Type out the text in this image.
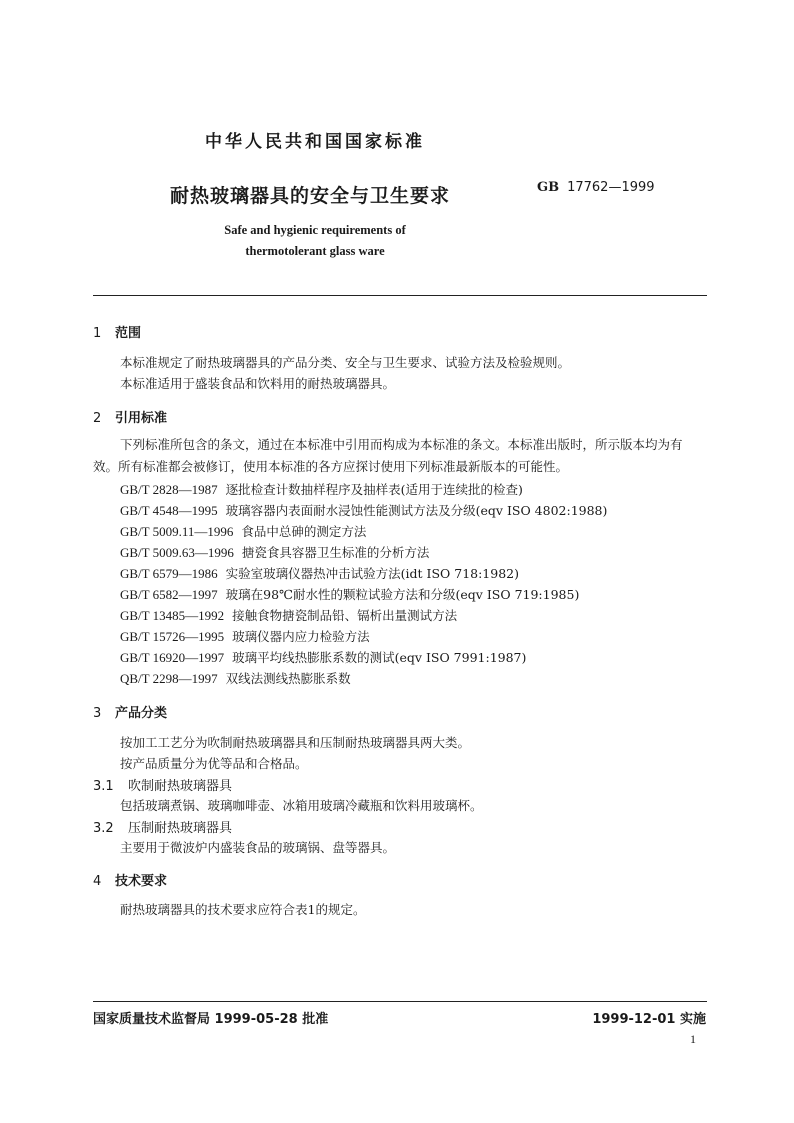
中华人民共和国国家标准
耐热玻璃器具的安全与卫生要求	GB 17762—1999
Safe and hygienic requirements of
thermotolerant glass ware
1 范围
本标准规定了耐热玻璃器具的产品分类、安全与卫生要求、试验方法及检验规则。
本标准适用于盛装食品和饮料用的耐热玻璃器具。
2 引用标准
下列标准所包含的条文，通过在本标准中引用而构成为本标准的条文。本标准出版时，所示版本均为有效。所有标准都会被修订，使用本标准的各方应探讨使用下列标准最新版本的可能性。
GB/T 2828—1987 逐批检查计数抽样程序及抽样表(适用于连续批的检查)
GB/T 4548—1995 玻璃容器内表面耐水浸蚀性能测试方法及分级(eqv ISO 4802:1988)
GB/T 5009.11—1996 食品中总砷的测定方法
GB/T 5009.63—1996 搪瓷食具容器卫生标准的分析方法
GB/T 6579—1986 实验室玻璃仪器热冲击试验方法(idt ISO 718:1982)
GB/T 6582—1997 玻璃在98℃耐水性的颗粒试验方法和分级(eqv ISO 719:1985)
GB/T 13485—1992 接触食物搪瓷制品铅、镉析出量测试方法
GB/T 15726—1995 玻璃仪器内应力检验方法
GB/T 16920—1997 玻璃平均线热膨胀系数的测试(eqv ISO 7991:1987)
QB/T 2298—1997 双线法测线热膨胀系数
3 产品分类
按加工工艺分为吹制耐热玻璃器具和压制耐热玻璃器具两大类。
按产品质量分为优等品和合格品。
3.1 吹制耐热玻璃器具
包括玻璃煮锅、玻璃咖啡壶、冰箱用玻璃冷藏瓶和饮料用玻璃杯。
3.2 压制耐热玻璃器具
主要用于微波炉内盛装食品的玻璃锅、盘等器具。
4 技术要求
耐热玻璃器具的技术要求应符合表1的规定。
国家质量技术监督局 1999-05-28 批准	1999-12-01 实施
1
